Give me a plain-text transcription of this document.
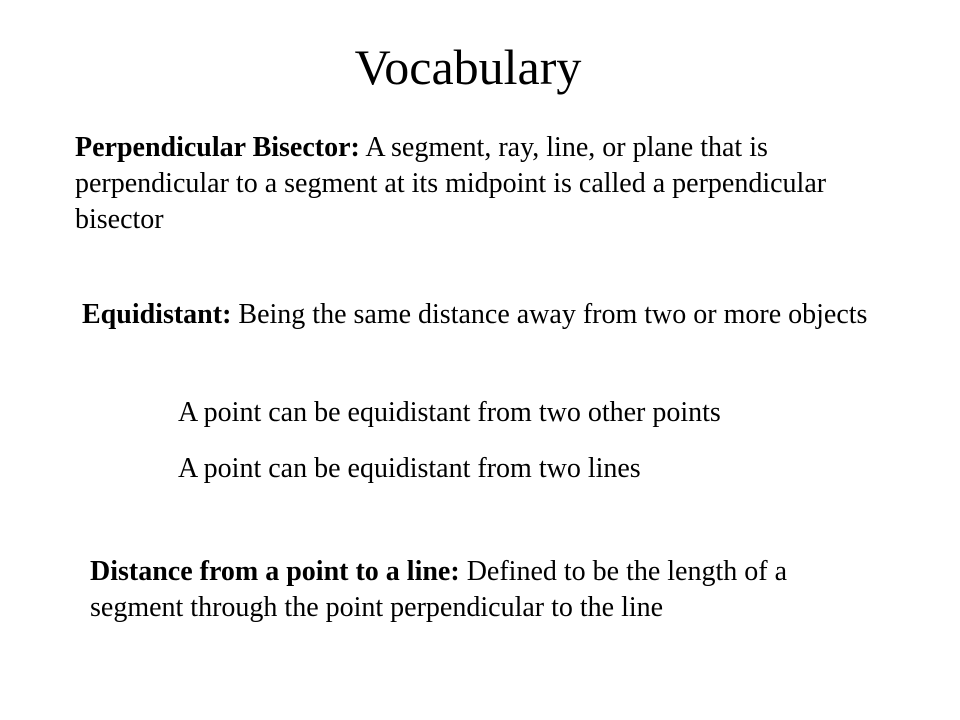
Vocabulary

Perpendicular Bisector: A segment, ray, line, or plane that is perpendicular to a segment at its midpoint is called a perpendicular bisector

Equidistant: Being the same distance away from two or more objects

A point can be equidistant from two other points

A point can be equidistant from two lines

Distance from a point to a line: Defined to be the length of a segment through the point perpendicular to the line
